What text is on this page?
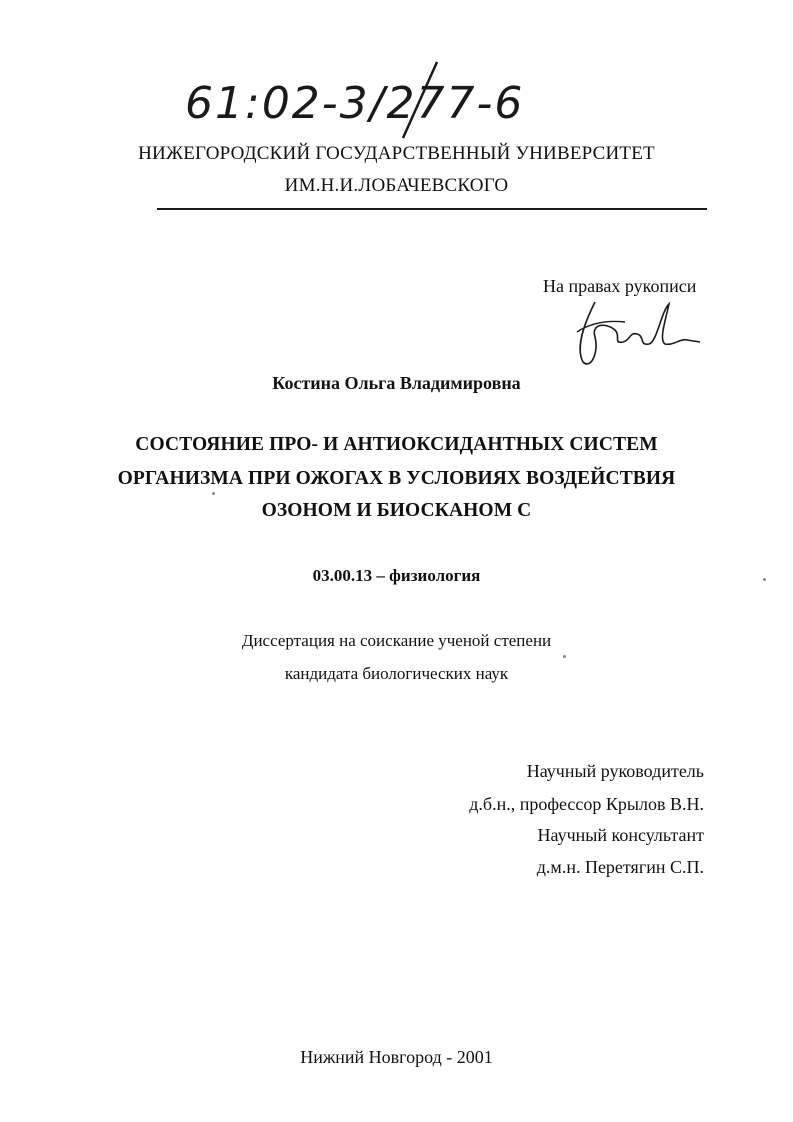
61:02-3/277-6
НИЖЕГОРОДСКИЙ ГОСУДАРСТВЕННЫЙ УНИВЕРСИТЕТ
ИМ.Н.И.ЛОБАЧЕВСКОГО
На правах рукописи
Костина Ольга Владимировна
СОСТОЯНИЕ ПРО- И АНТИОКСИДАНТНЫХ СИСТЕМ
ОРГАНИЗМА ПРИ ОЖОГАХ В УСЛОВИЯХ ВОЗДЕЙСТВИЯ
ОЗОНОМ И БИОСКАНОМ С
03.00.13 – физиология
Диссертация на соискание ученой степени
кандидата биологических наук
Научный руководитель
д.б.н., профессор Крылов В.Н.
Научный консультант
д.м.н. Перетягин С.П.
Нижний Новгород - 2001
